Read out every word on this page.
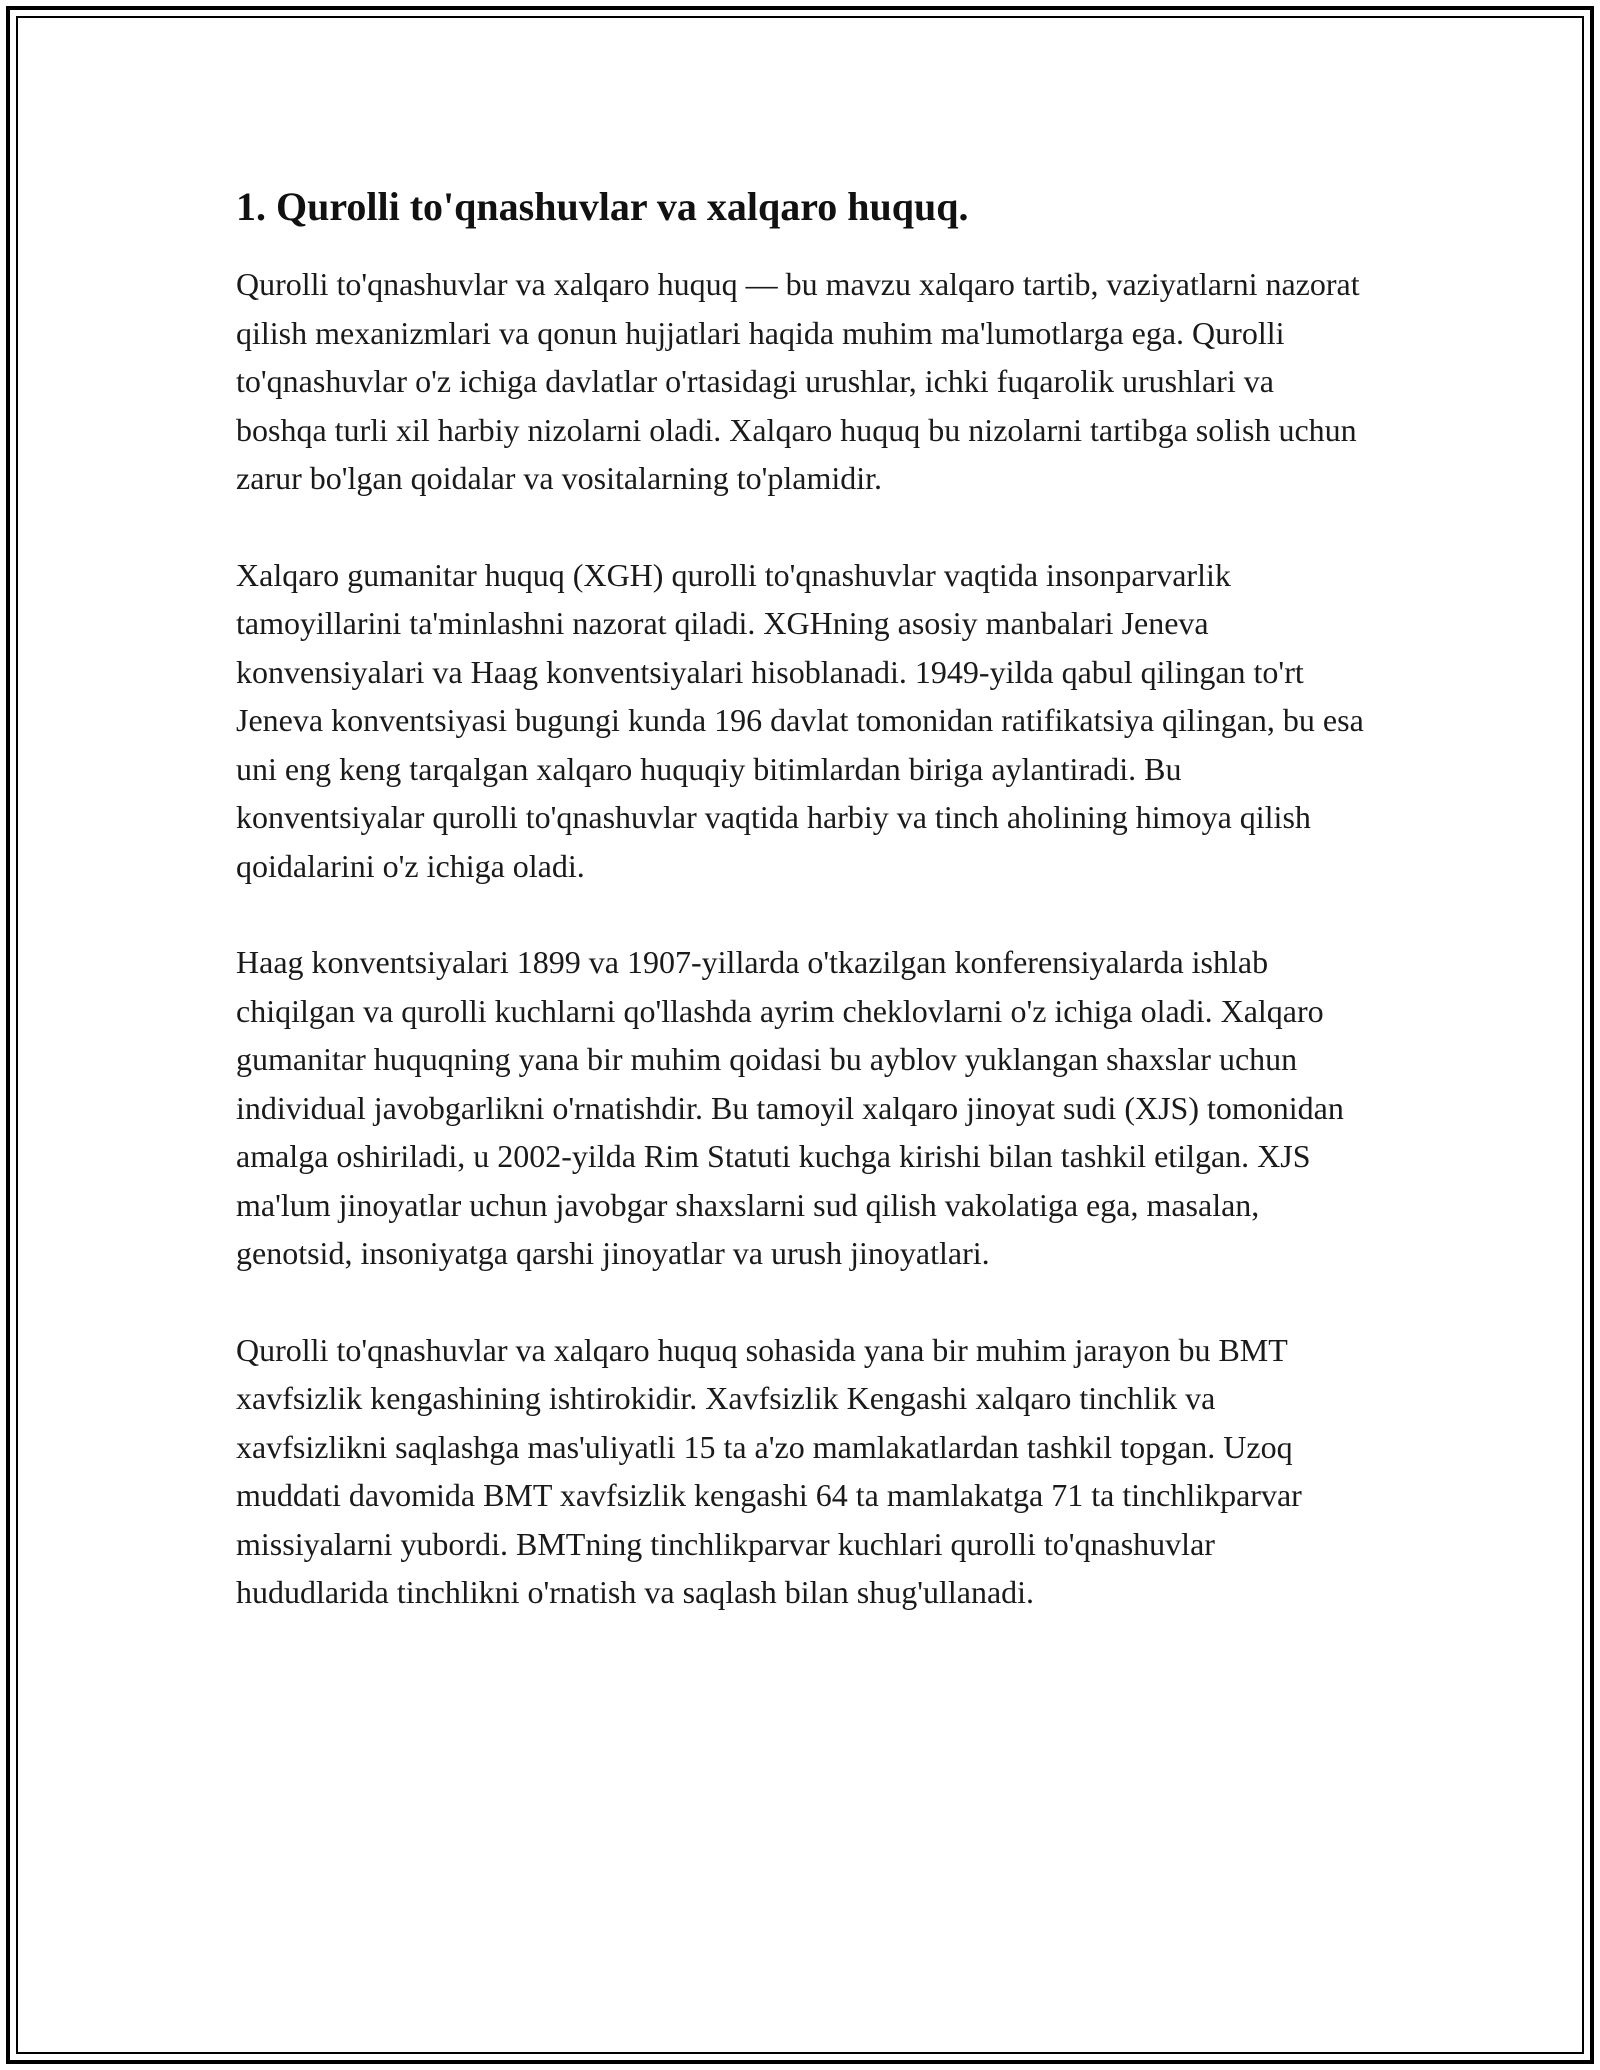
1. Qurolli to'qnashuvlar va xalqaro huquq.

Qurolli to'qnashuvlar va xalqaro huquq — bu mavzu xalqaro tartib, vaziyatlarni nazorat qilish mexanizmlari va qonun hujjatlari haqida muhim ma'lumotlarga ega. Qurolli to'qnashuvlar o'z ichiga davlatlar o'rtasidagi urushlar, ichki fuqarolik urushlari va boshqa turli xil harbiy nizolarni oladi. Xalqaro huquq bu nizolarni tartibga solish uchun zarur bo'lgan qoidalar va vositalarning to'plamidir.

Xalqaro gumanitar huquq (XGH) qurolli to'qnashuvlar vaqtida insonparvarlik tamoyillarini ta'minlashni nazorat qiladi. XGHning asosiy manbalari Jeneva konvensiyalari va Haag konventsiyalari hisoblanadi. 1949-yilda qabul qilingan to'rt Jeneva konventsiyasi bugungi kunda 196 davlat tomonidan ratifikatsiya qilingan, bu esa uni eng keng tarqalgan xalqaro huquqiy bitimlardan biriga aylantiradi. Bu konventsiyalar qurolli to'qnashuvlar vaqtida harbiy va tinch aholining himoya qilish qoidalarini o'z ichiga oladi.

Haag konventsiyalari 1899 va 1907-yillarda o'tkazilgan konferensiyalarda ishlab chiqilgan va qurolli kuchlarni qo'llashda ayrim cheklovlarni o'z ichiga oladi. Xalqaro gumanitar huquqning yana bir muhim qoidasi bu ayblov yuklangan shaxslar uchun individual javobgarlikni o'rnatishdir. Bu tamoyil xalqaro jinoyat sudi (XJS) tomonidan amalga oshiriladi, u 2002-yilda Rim Statuti kuchga kirishi bilan tashkil etilgan. XJS ma'lum jinoyatlar uchun javobgar shaxslarni sud qilish vakolatiga ega, masalan, genotsid, insoniyatga qarshi jinoyatlar va urush jinoyatlari.

Qurolli to'qnashuvlar va xalqaro huquq sohasida yana bir muhim jarayon bu BMT xavfsizlik kengashining ishtirokidir. Xavfsizlik Kengashi xalqaro tinchlik va xavfsizlikni saqlashga mas'uliyatli 15 ta a'zo mamlakatlardan tashkil topgan. Uzoq muddati davomida BMT xavfsizlik kengashi 64 ta mamlakatga 71 ta tinchlikparvar missiyalarni yubordi. BMTning tinchlikparvar kuchlari qurolli to'qnashuvlar hududlarida tinchlikni o'rnatish va saqlash bilan shug'ullanadi.
